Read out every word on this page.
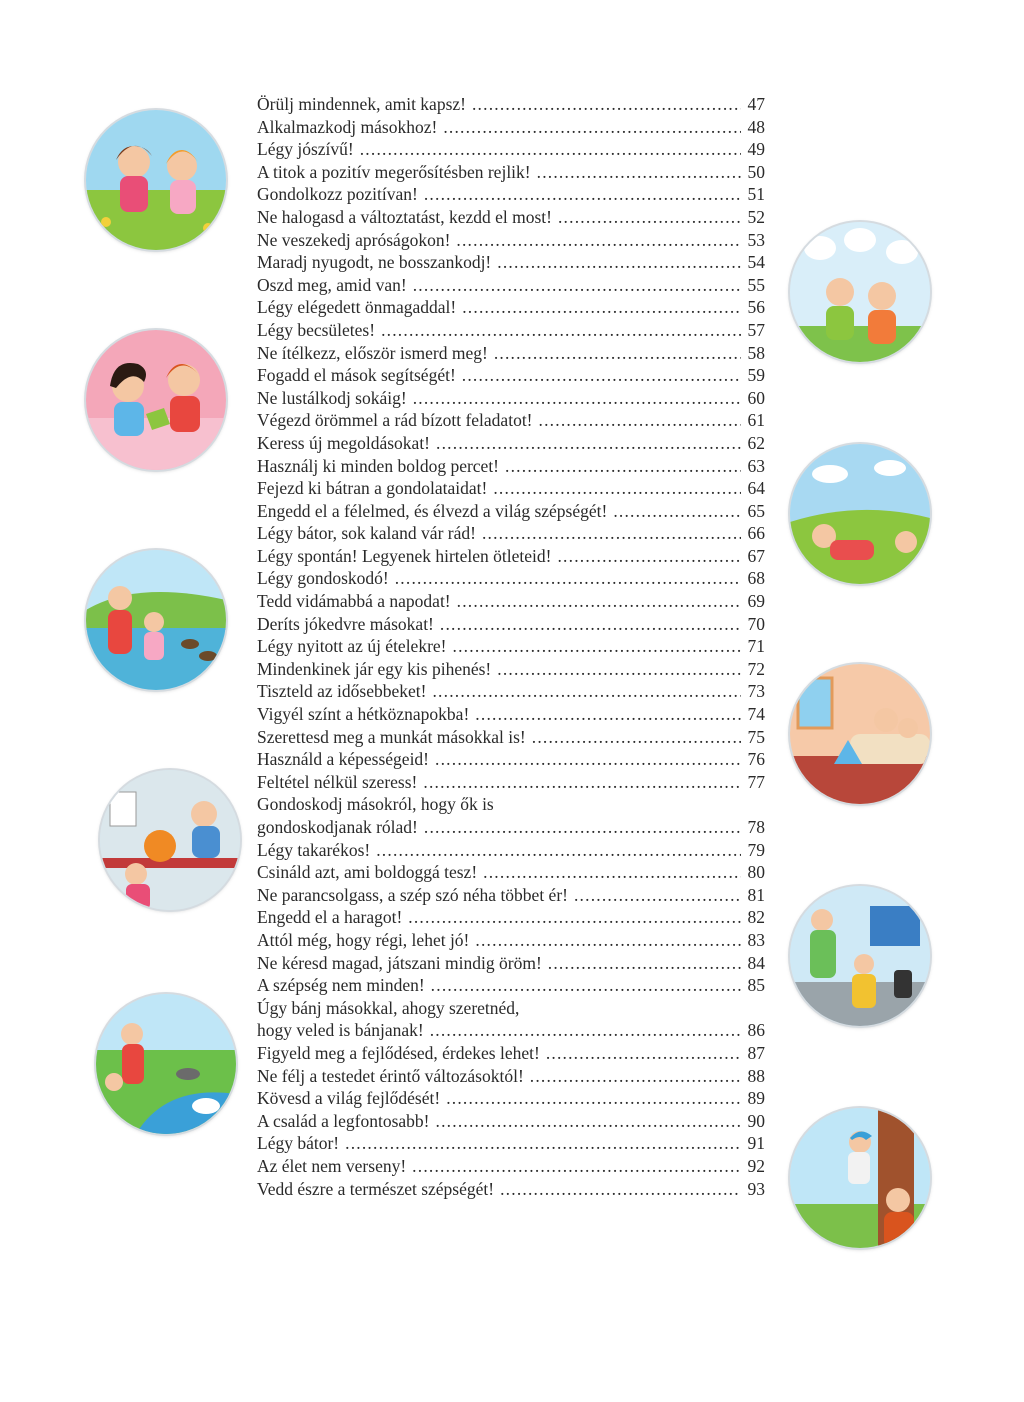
Örülj mindennek, amit kapsz! .....	47
Alkalmazkodj másokhoz! .....	48
Légy jószívű! .....	49
A titok a pozitív megerősítésben rejlik! .....	50
Gondolkozz pozitívan! .....	51
Ne halogasd a változtatást, kezdd el most! .....	52
Ne veszekedj apróságokon! .....	53
Maradj nyugodt, ne bosszankodj! .....	54
Oszd meg, amid van! .....	55
Légy elégedett önmagaddal! .....	56
Légy becsületes! .....	57
Ne ítélkezz, először ismerd meg! .....	58
Fogadd el mások segítségét! .....	59
Ne lustálkodj sokáig! .....	60
Végezd örömmel a rád bízott feladatot! .....	61
Keress új megoldásokat! .....	62
Használj ki minden boldog percet! .....	63
Fejezd ki bátran a gondolataidat! .....	64
Engedd el a félelmed, és élvezd a világ szépségét! .....	65
Légy bátor, sok kaland vár rád! .....	66
Légy spontán! Legyenek hirtelen ötleteid! .....	67
Légy gondoskodó! .....	68
Tedd vidámabbá a napodat! .....	69
Deríts jókedvre másokat! .....	70
Légy nyitott az új ételekre! .....	71
Mindenkinek jár egy kis pihenés! .....	72
Tiszteld az idősebbeket! .....	73
Vigyél színt a hétköznapokba! .....	74
Szerettesd meg a munkát másokkal is! .....	75
Használd a képességeid! .....	76
Feltétel nélkül szeress! .....	77
Gondoskodj másokról, hogy ők is
gondoskodjanak rólad! .....	78
Légy takarékos! .....	79
Csináld azt, ami boldoggá tesz! .....	80
Ne parancsolgass, a szép szó néha többet ér! .....	81
Engedd el a haragot! .....	82
Attól még, hogy régi, lehet jó! .....	83
Ne kéresd magad, játszani mindig öröm! .....	84
A szépség nem minden! .....	85
Úgy bánj másokkal, ahogy szeretnéd,
hogy veled is bánjanak! .....	86
Figyeld meg a fejlődésed, érdekes lehet! .....	87
Ne félj a testedet érintő változásoktól! .....	88
Kövesd a világ fejlődését! .....	89
A család a legfontosabb! .....	90
Légy bátor! .....	91
Az élet nem verseny! .....	92
Vedd észre a természet szépségét! .....	93
